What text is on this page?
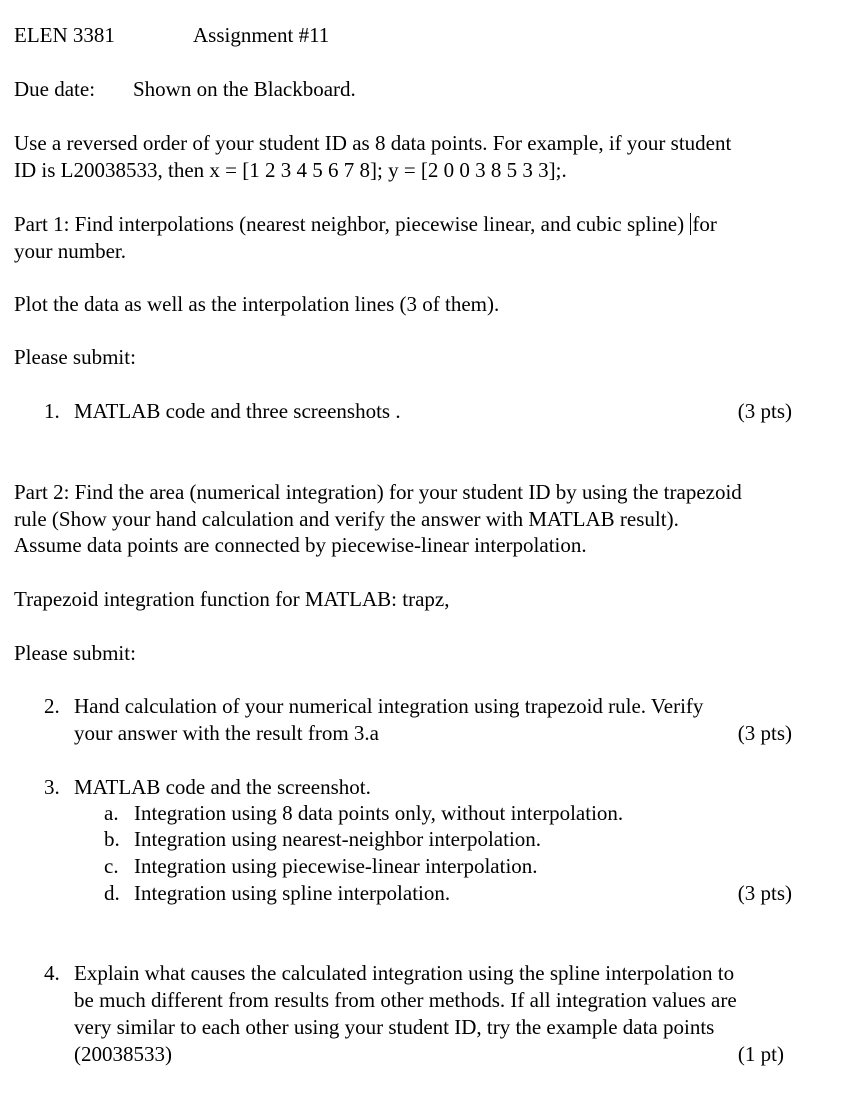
ELEN 3381	Assignment #11
Due date: Shown on the Blackboard.
Use a reversed order of your student ID as 8 data points. For example, if your student
ID is L20038533, then x = [1 2 3 4 5 6 7 8]; y = [2 0 0 3 8 5 3 3];.
Part 1: Find interpolations (nearest neighbor, piecewise linear, and cubic spline) for
your number.
Plot the data as well as the interpolation lines (3 of them).
Please submit:
1. MATLAB code and three screenshots .	(3 pts)
Part 2: Find the area (numerical integration) for your student ID by using the trapezoid
rule (Show your hand calculation and verify the answer with MATLAB result).
Assume data points are connected by piecewise-linear interpolation.
Trapezoid integration function for MATLAB: trapz,
Please submit:
2. Hand calculation of your numerical integration using trapezoid rule. Verify
your answer with the result from 3.a	(3 pts)
3. MATLAB code and the screenshot.
a. Integration using 8 data points only, without interpolation.
b. Integration using nearest-neighbor interpolation.
c. Integration using piecewise-linear interpolation.
d. Integration using spline interpolation.	(3 pts)
4. Explain what causes the calculated integration using the spline interpolation to
be much different from results from other methods. If all integration values are
very similar to each other using your student ID, try the example data points
(20038533)	(1 pt)
